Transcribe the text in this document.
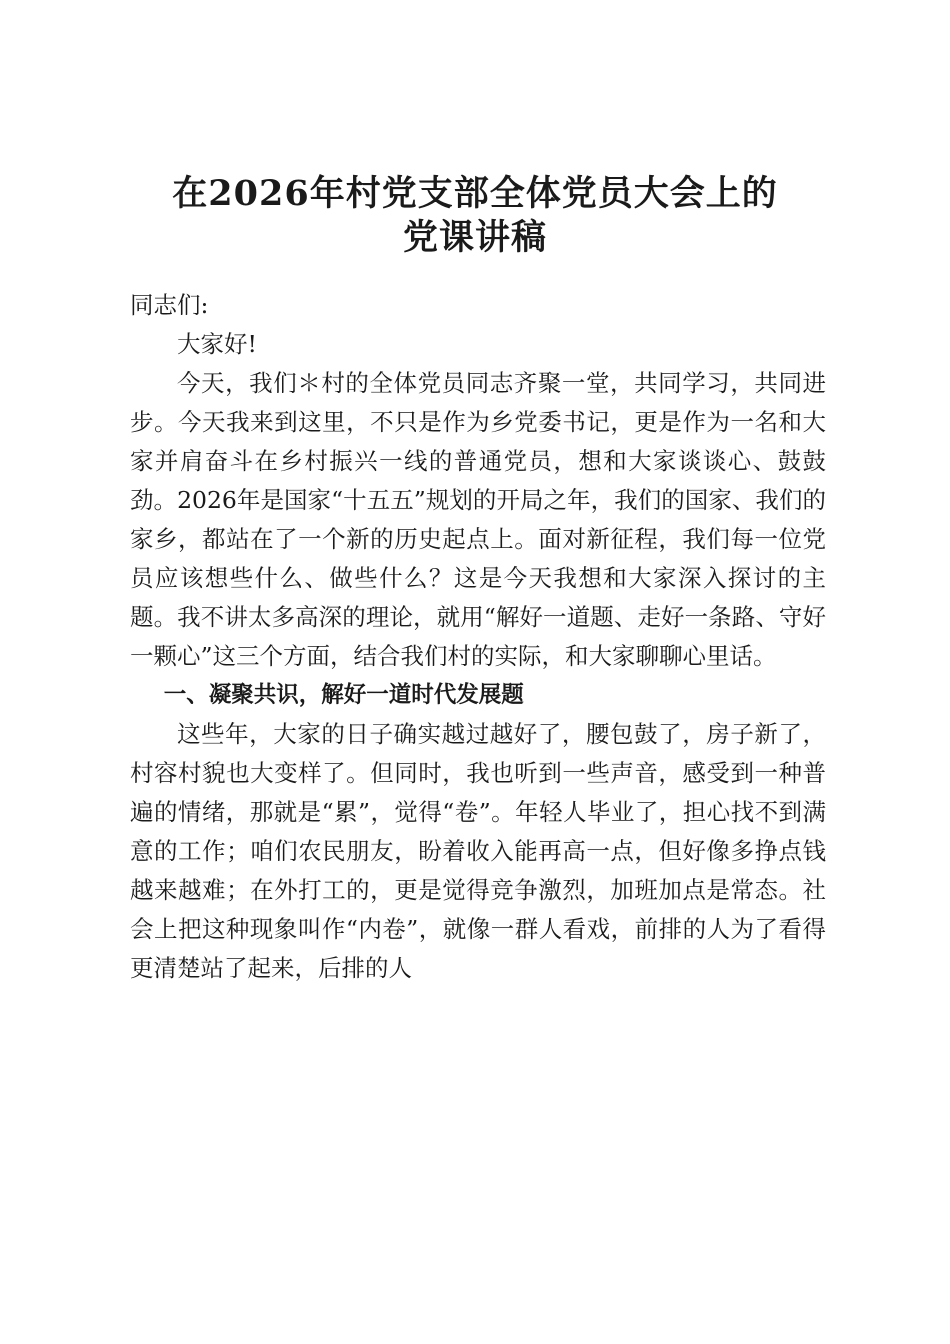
在2026年村党支部全体党员大会上的
党课讲稿

同志们:

大家好!

今天，我们＊村的全体党员同志齐聚一堂，共同学习，共同进步。今天我来到这里，不只是作为乡党委书记，更是作为一名和大家并肩奋斗在乡村振兴一线的普通党员，想和大家谈谈心、鼓鼓劲。2026年是国家“十五五”规划的开局之年，我们的国家、我们的家乡，都站在了一个新的历史起点上。面对新征程，我们每一位党员应该想些什么、做些什么？这是今天我想和大家深入探讨的主题。我不讲太多高深的理论，就用“解好一道题、走好一条路、守好一颗心”这三个方面，结合我们村的实际，和大家聊聊心里话。

一、凝聚共识，解好一道时代发展题

这些年，大家的日子确实越过越好了，腰包鼓了，房子新了，村容村貌也大变样了。但同时，我也听到一些声音，感受到一种普遍的情绪，那就是“累”，觉得“卷”。年轻人毕业了，担心找不到满意的工作；咱们农民朋友，盼着收入能再高一点，但好像多挣点钱越来越难；在外打工的，更是觉得竞争激烈，加班加点是常态。社会上把这种现象叫作“内卷”，就像一群人看戏，前排的人为了看得更清楚站了起来，后排的人
